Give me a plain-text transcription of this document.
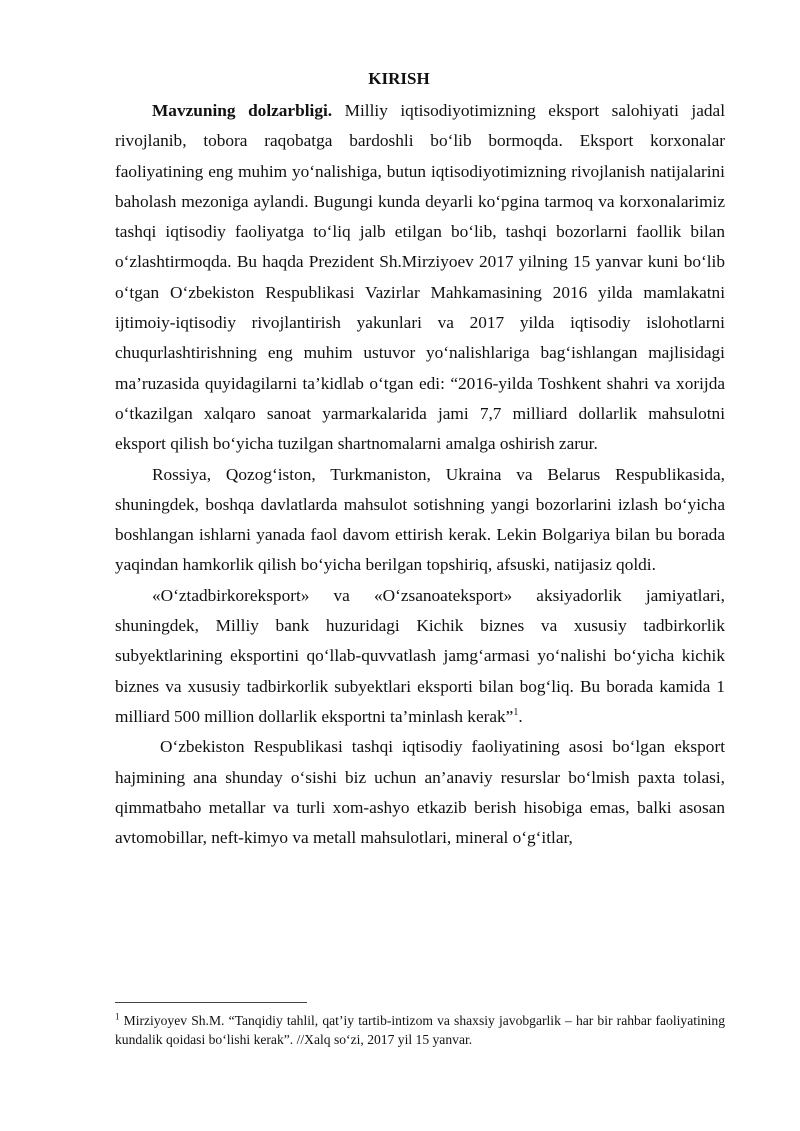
KIRISH

Mavzuning dolzarbligi. Milliy iqtisodiyotimizning eksport salohiyati jadal rivojlanib, tobora raqobatga bardoshli bo‘lib bormoqda. Eksport korxonalar faoliyatining eng muhim yo‘nalishiga, butun iqtisodiyotimizning rivojlanish natijalarini baholash mezoniga aylandi. Bugungi kunda deyarli ko‘pgina tarmoq va korxonalarimiz tashqi iqtisodiy faoliyatga to‘liq jalb etilgan bo‘lib, tashqi bozorlarni faollik bilan o‘zlashtirmoqda. Bu haqda Prezident Sh.Mirziyoev 2017 yilning 15 yanvar kuni bo‘lib o‘tgan O‘zbekiston Respublikasi Vazirlar Mahkamasining 2016 yilda mamlakatni ijtimoiy-iqtisodiy rivojlantirish yakunlari va 2017 yilda iqtisodiy islohotlarni chuqurlashtirishning eng muhim ustuvor yo‘nalishlariga bag‘ishlangan majlisidagi ma’ruzasida quyidagilarni ta’kidlab o‘tgan edi: “2016-yilda Toshkent shahri va xorijda o‘tkazilgan xalqaro sanoat yarmarkalarida jami 7,7 milliard dollarlik mahsulotni eksport qilish bo‘yicha tuzilgan shartnomalarni amalga oshirish zarur.

Rossiya, Qozog‘iston, Turkmaniston, Ukraina va Belarus Respublikasida, shuningdek, boshqa davlatlarda mahsulot sotishning yangi bozorlarini izlash bo‘yicha boshlangan ishlarni yanada faol davom ettirish kerak. Lekin Bolgariya bilan bu borada yaqindan hamkorlik qilish bo‘yicha berilgan topshiriq, afsuski, natijasiz qoldi.

«O‘ztadbirkoreksport» va «O‘zsanoateksport» aksiyadorlik jamiyatlari, shuningdek, Milliy bank huzuridagi Kichik biznes va xususiy tadbirkorlik subyektlarining eksportini qo‘llab-quvvatlash jamg‘armasi yo‘nalishi bo‘yicha kichik biznes va xususiy tadbirkorlik subyektlari eksporti bilan bog‘liq. Bu borada kamida 1 milliard 500 million dollarlik eksportni ta’minlash kerak”$^1$.

O‘zbekiston Respublikasi tashqi iqtisodiy faoliyatining asosi bo‘lgan eksport hajmining ana shunday o‘sishi biz uchun an’anaviy resurslar bo‘lmish paxta tolasi, qimmatbaho metallar va turli xom-ashyo etkazib berish hisobiga emas, balki asosan avtomobillar, neft-kimyo va metall mahsulotlari, mineral o‘g‘itlar,

$^1$ Mirziyoyev Sh.M. “Tanqidiy tahlil, qat’iy tartib-intizom va shaxsiy javobgarlik – har bir rahbar faoliyatining kundalik qoidasi bo‘lishi kerak”. //Xalq so‘zi, 2017 yil 15 yanvar.
